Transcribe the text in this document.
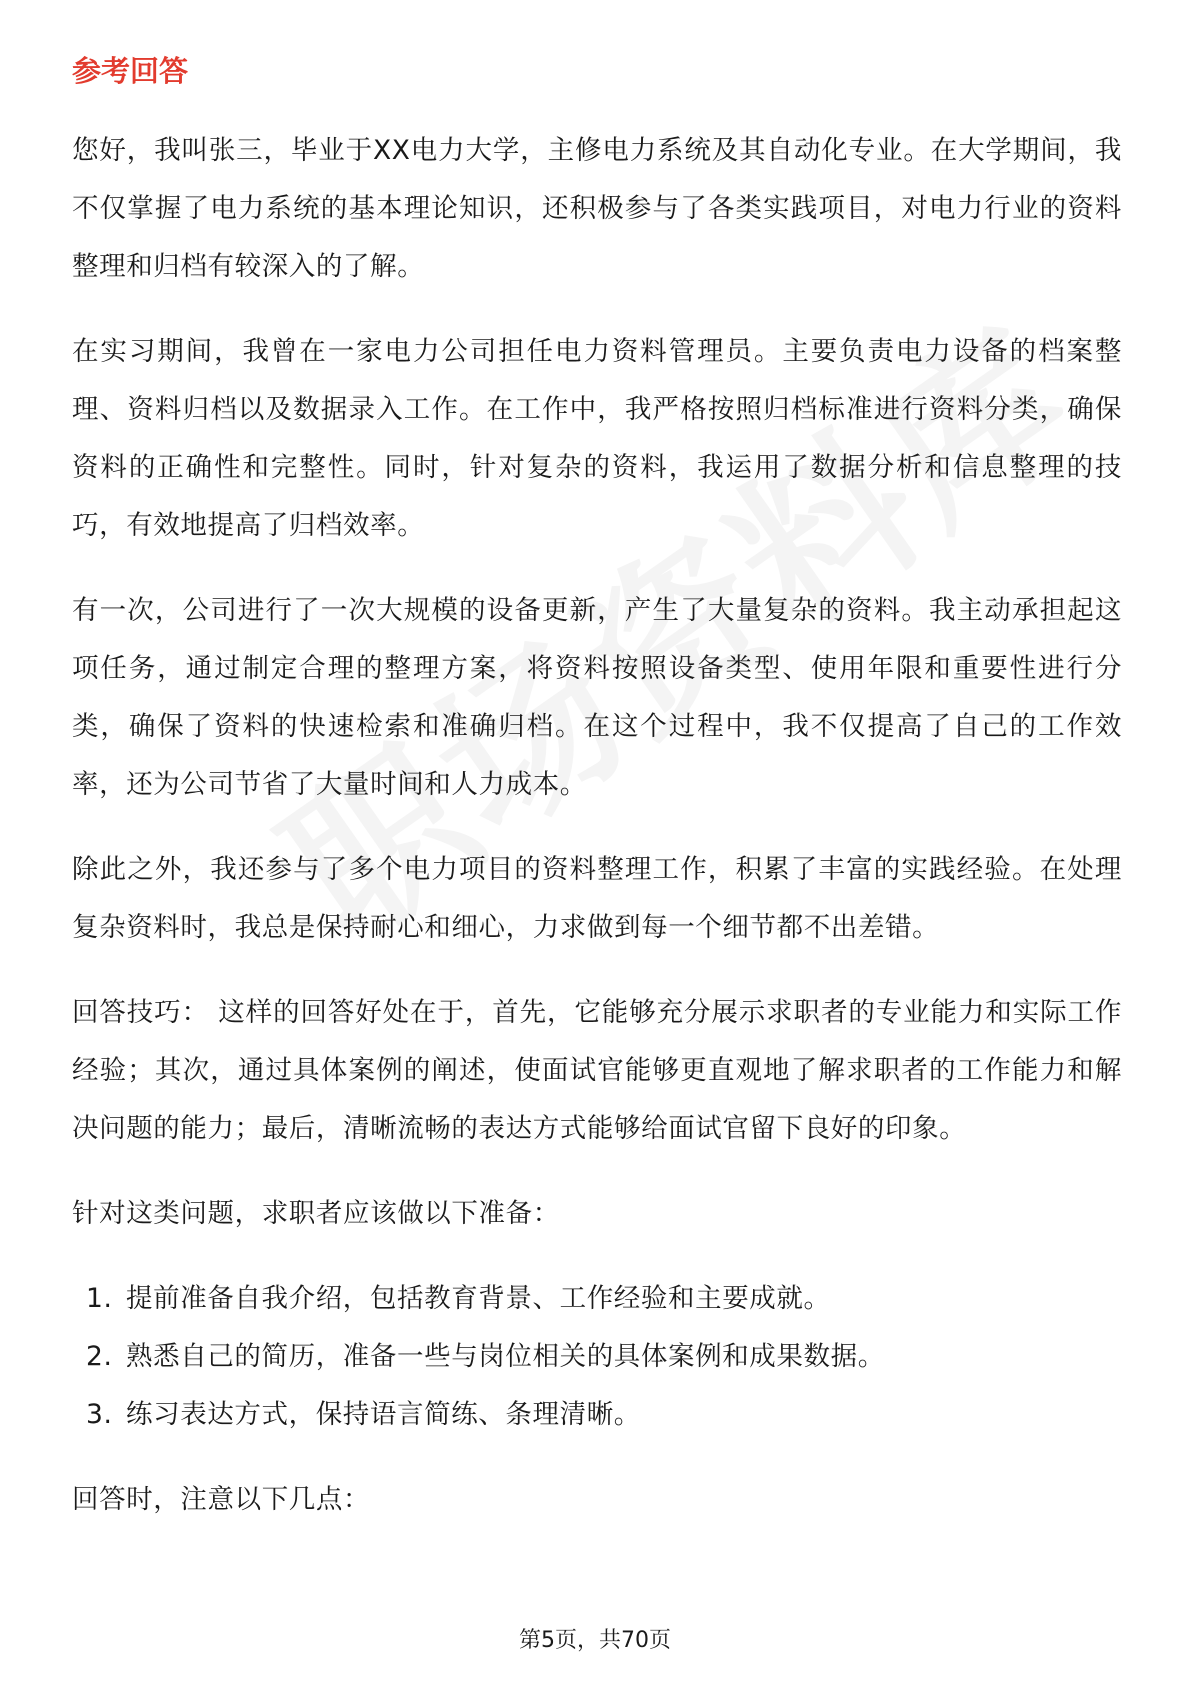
参考回答

您好，我叫张三，毕业于XX电力大学，主修电力系统及其自动化专业。在大学期间，我不仅掌握了电力系统的基本理论知识，还积极参与了各类实践项目，对电力行业的资料整理和归档有较深入的了解。

在实习期间，我曾在一家电力公司担任电力资料管理员。主要负责电力设备的档案整理、资料归档以及数据录入工作。在工作中，我严格按照归档标准进行资料分类，确保资料的正确性和完整性。同时，针对复杂的资料，我运用了数据分析和信息整理的技巧，有效地提高了归档效率。

有一次，公司进行了一次大规模的设备更新，产生了大量复杂的资料。我主动承担起这项任务，通过制定合理的整理方案，将资料按照设备类型、使用年限和重要性进行分类，确保了资料的快速检索和准确归档。在这个过程中，我不仅提高了自己的工作效率，还为公司节省了大量时间和人力成本。

除此之外，我还参与了多个电力项目的资料整理工作，积累了丰富的实践经验。在处理复杂资料时，我总是保持耐心和细心，力求做到每一个细节都不出差错。

回答技巧： 这样的回答好处在于，首先，它能够充分展示求职者的专业能力和实际工作经验；其次，通过具体案例的阐述，使面试官能够更直观地了解求职者的工作能力和解决问题的能力；最后，清晰流畅的表达方式能够给面试官留下良好的印象。

针对这类问题，求职者应该做以下准备：

1. 提前准备自我介绍，包括教育背景、工作经验和主要成就。
2. 熟悉自己的简历，准备一些与岗位相关的具体案例和成果数据。
3. 练习表达方式，保持语言简练、条理清晰。

回答时，注意以下几点：

第5页，共70页
